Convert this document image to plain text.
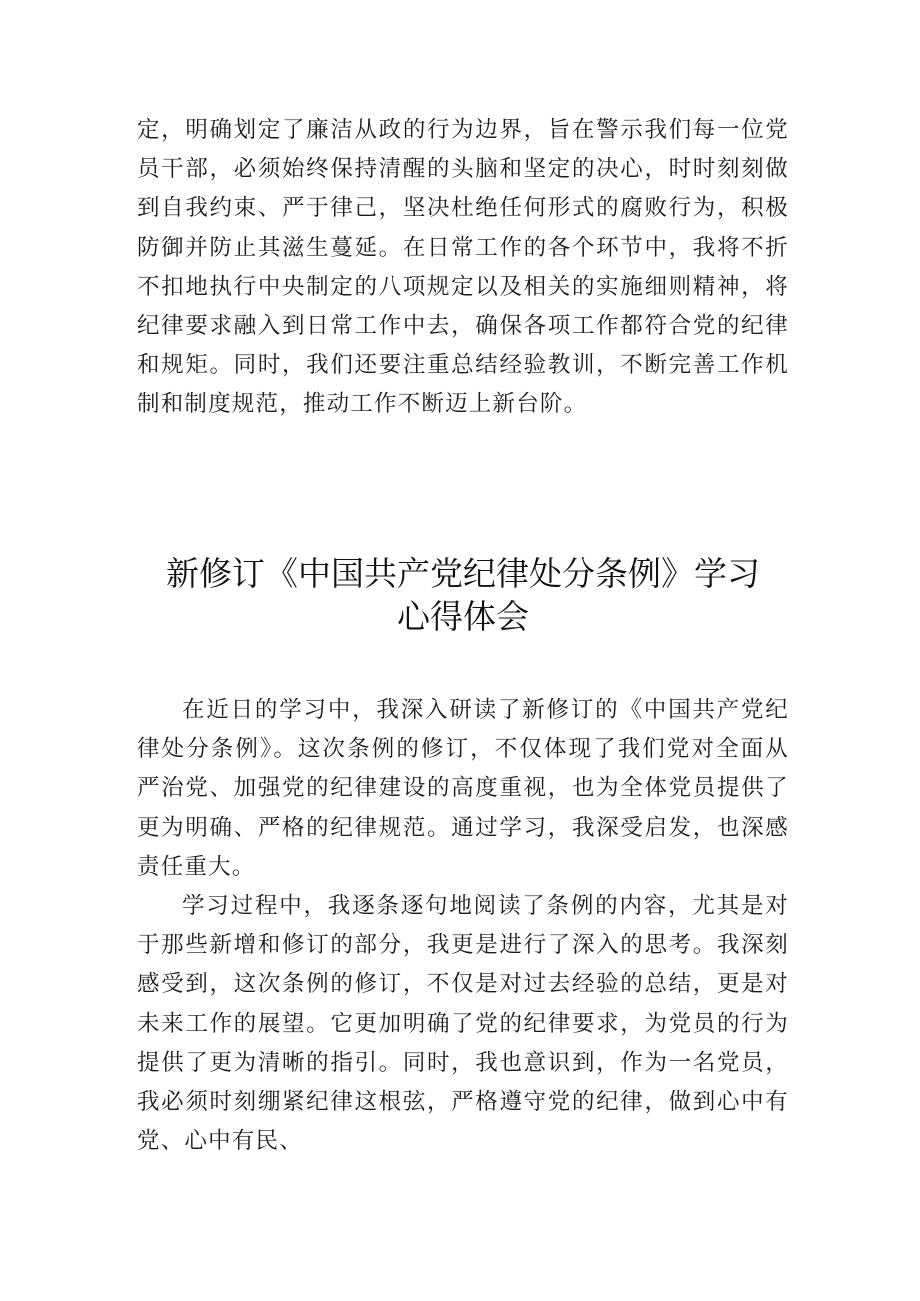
定，明确划定了廉洁从政的行为边界，旨在警示我们每一位党员干部，必须始终保持清醒的头脑和坚定的决心，时时刻刻做到自我约束、严于律己，坚决杜绝任何形式的腐败行为，积极防御并防止其滋生蔓延。在日常工作的各个环节中，我将不折不扣地执行中央制定的八项规定以及相关的实施细则精神，将纪律要求融入到日常工作中去，确保各项工作都符合党的纪律和规矩。同时，我们还要注重总结经验教训，不断完善工作机制和制度规范，推动工作不断迈上新台阶。

新修订《中国共产党纪律处分条例》学习
心得体会

在近日的学习中，我深入研读了新修订的《中国共产党纪律处分条例》。这次条例的修订，不仅体现了我们党对全面从严治党、加强党的纪律建设的高度重视，也为全体党员提供了更为明确、严格的纪律规范。通过学习，我深受启发，也深感责任重大。

学习过程中，我逐条逐句地阅读了条例的内容，尤其是对于那些新增和修订的部分，我更是进行了深入的思考。我深刻感受到，这次条例的修订，不仅是对过去经验的总结，更是对未来工作的展望。它更加明确了党的纪律要求，为党员的行为提供了更为清晰的指引。同时，我也意识到，作为一名党员，我必须时刻绷紧纪律这根弦，严格遵守党的纪律，做到心中有党、心中有民、
